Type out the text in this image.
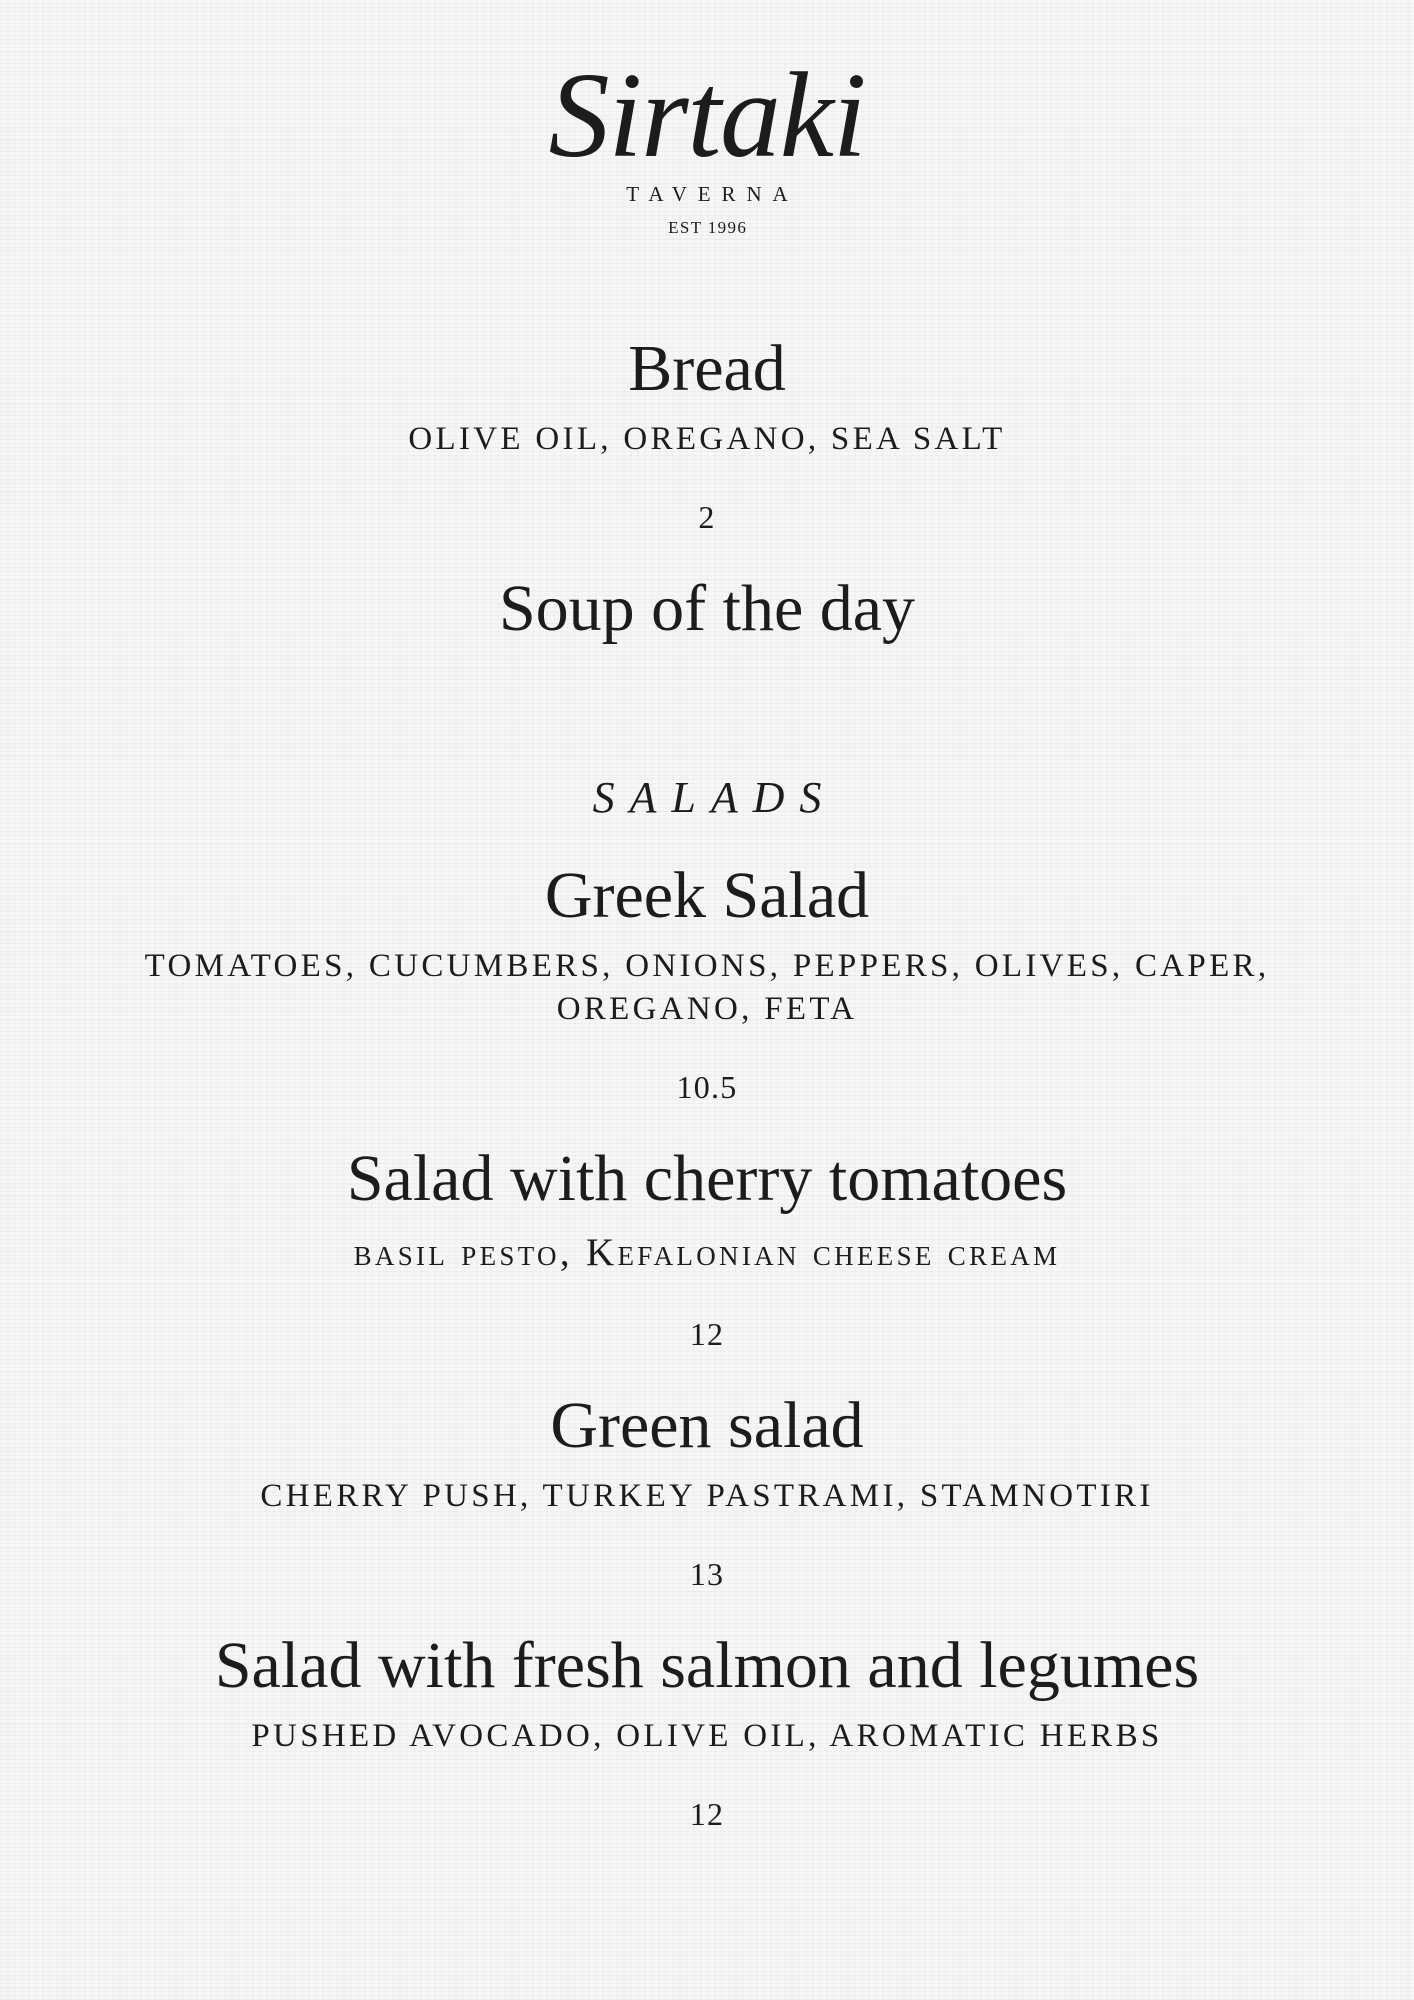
Sirtaki
TAVERNA
EST 1996
Bread

OLIVE OIL, OREGANO, SEA SALT

2

Soup of the day
SALADS
Greek Salad

TOMATOES, CUCUMBERS, ONIONS, PEPPERS, OLIVES, CAPER, OREGANO, FETA

10.5

Salad with cherry tomatoes

basil pesto, Kefalonian cheese cream

12

Green salad

CHERRY PUSH, TURKEY PASTRAMI, STAMNOTIRI

13

Salad with fresh salmon and legumes

PUSHED AVOCADO, OLIVE OIL, AROMATIC HERBS

12
